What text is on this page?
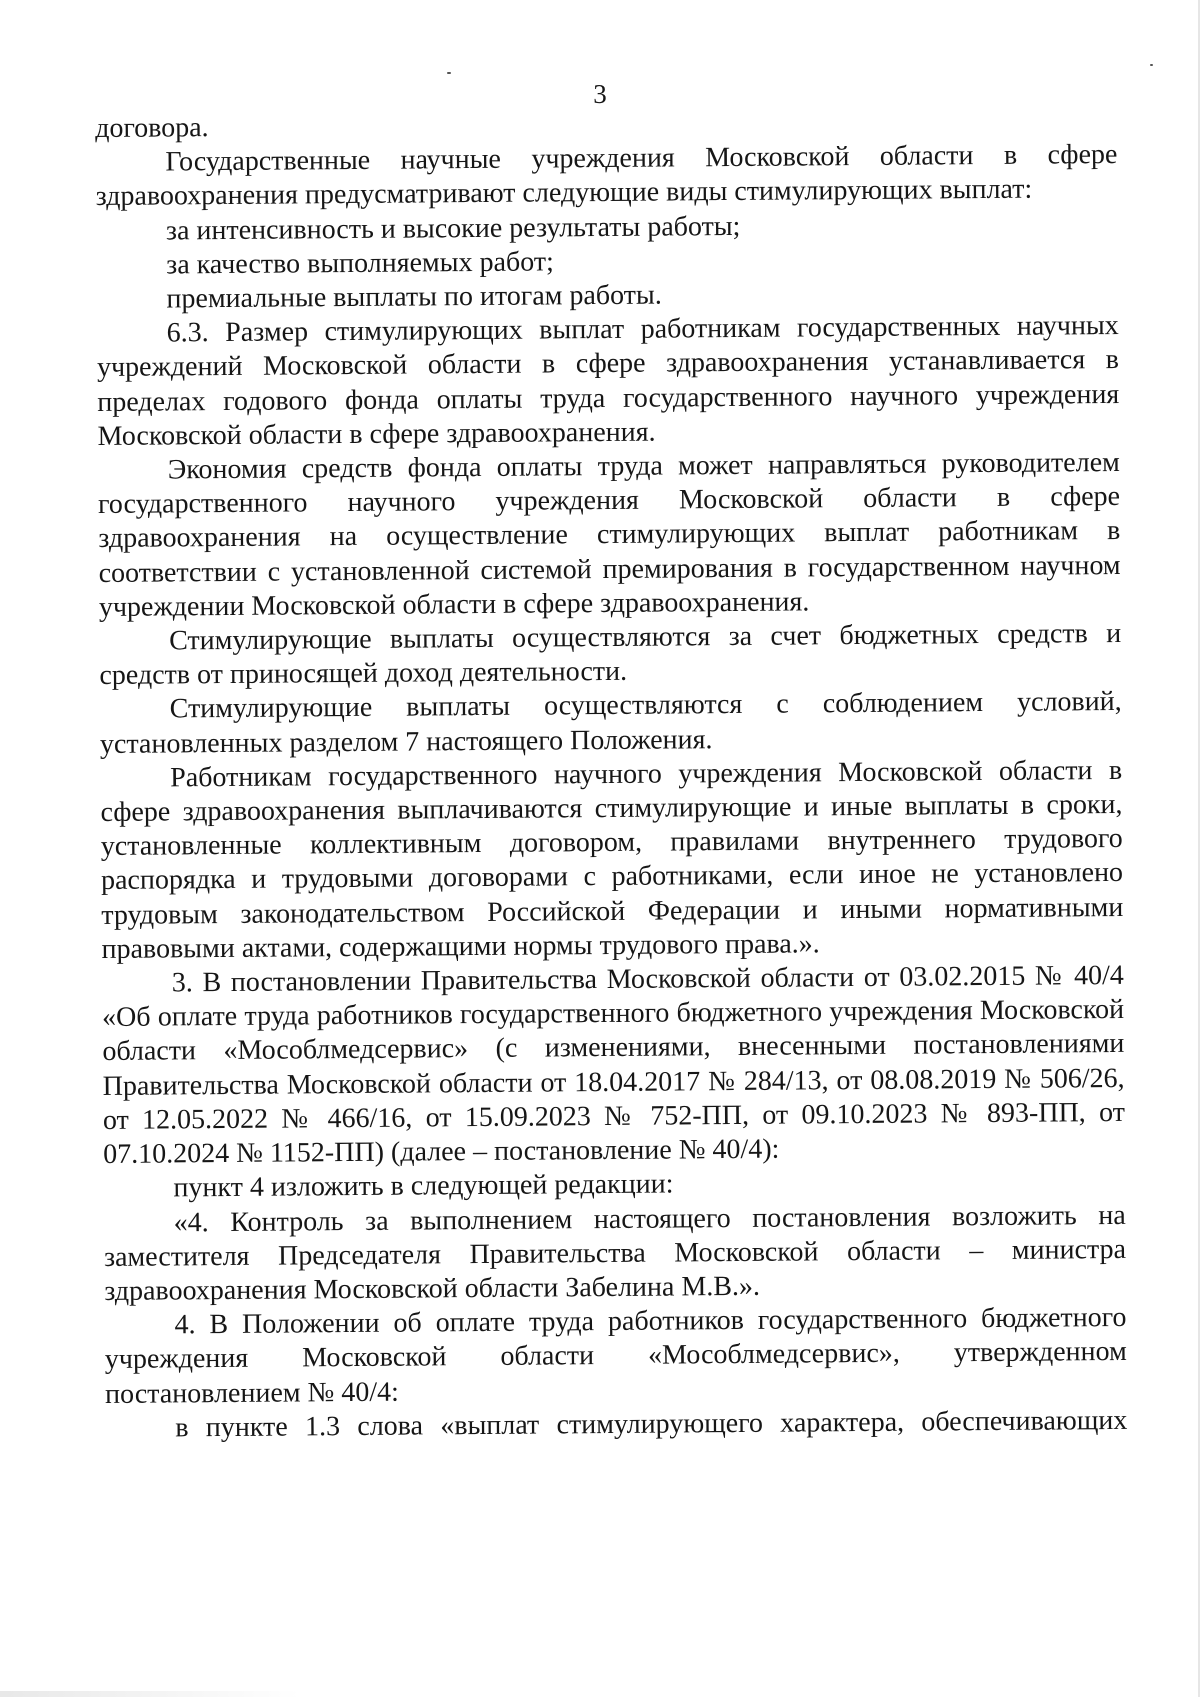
3

договора.

Государственные научные учреждения Московской области в сфере здравоохранения предусматривают следующие виды стимулирующих выплат:

за интенсивность и высокие результаты работы;

за качество выполняемых работ;

премиальные выплаты по итогам работы.

6.3. Размер стимулирующих выплат работникам государственных научных учреждений Московской области в сфере здравоохранения устанавливается в пределах годового фонда оплаты труда государственного научного учреждения Московской области в сфере здравоохранения.

Экономия средств фонда оплаты труда может направляться руководителем государственного научного учреждения Московской области в сфере здравоохранения на осуществление стимулирующих выплат работникам в соответствии с установленной системой премирования в государственном научном учреждении Московской области в сфере здравоохранения.

Стимулирующие выплаты осуществляются за счет бюджетных средств и средств от приносящей доход деятельности.

Стимулирующие выплаты осуществляются с соблюдением условий, установленных разделом 7 настоящего Положения.

Работникам государственного научного учреждения Московской области в сфере здравоохранения выплачиваются стимулирующие и иные выплаты в сроки, установленные коллективным договором, правилами внутреннего трудового распорядка и трудовыми договорами с работниками, если иное не установлено трудовым законодательством Российской Федерации и иными нормативными правовыми актами, содержащими нормы трудового права.».

3. В постановлении Правительства Московской области от 03.02.2015 № 40/4 «Об оплате труда работников государственного бюджетного учреждения Московской области «Мособлмедсервис» (с изменениями, внесенными постановлениями Правительства Московской области от 18.04.2017 № 284/13, от 08.08.2019 № 506/26, от 12.05.2022 № 466/16, от 15.09.2023 № 752-ПП, от 09.10.2023 № 893-ПП, от 07.10.2024 № 1152-ПП) (далее – постановление № 40/4):

пункт 4 изложить в следующей редакции:

«4. Контроль за выполнением настоящего постановления возложить на заместителя Председателя Правительства Московской области – министра здравоохранения Московской области Забелина М.В.».

4. В Положении об оплате труда работников государственного бюджетного учреждения Московской области «Мособлмедсервис», утвержденном постановлением № 40/4:

в пункте 1.3 слова «выплат стимулирующего характера, обеспечивающих
